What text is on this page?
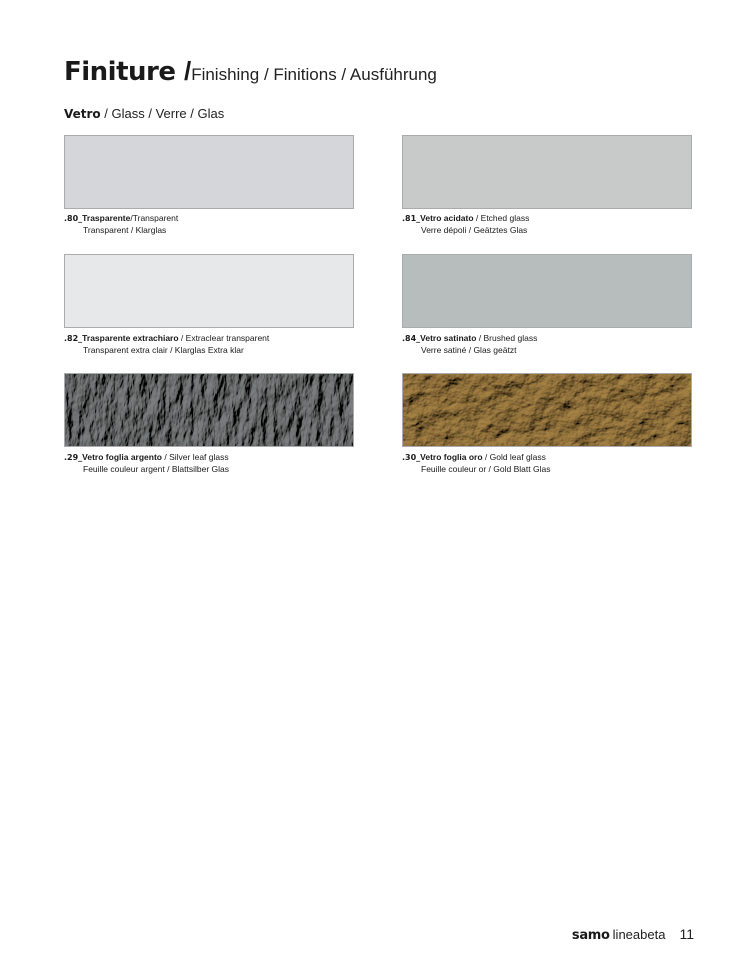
Finiture /Finishing / Finitions / Ausführung
Vetro / Glass / Verre / Glas
.80_Trasparente/Transparent
Transparent / Klarglas
.81_Vetro acidato / Etched glass
Verre dépoli / Geätztes Glas
.82_Trasparente extrachiaro / Extraclear transparent
Transparent extra clair / Klarglas Extra klar
.84_Vetro satinato / Brushed glass
Verre satiné / Glas geätzt
.29_Vetro foglia argento / Silver leaf glass
Feuille couleur argent / Blattsilber Glas
.30_Vetro foglia oro / Gold leaf glass
Feuille couleur or / Gold Blatt Glas
samo lineabeta 11
